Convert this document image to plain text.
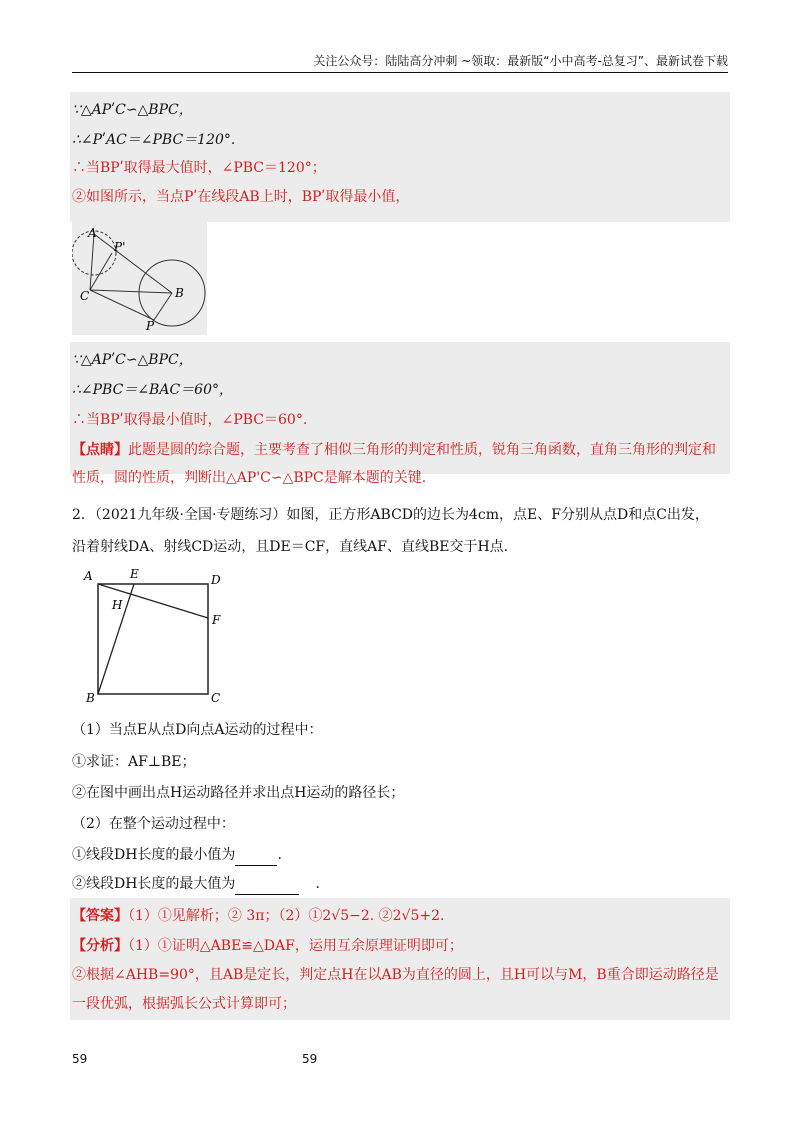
关注公众号：陆陆高分冲刺 ~领取：最新版“小中高考-总复习”、最新试卷下载
∵△APʹC∽△BPC，
∴∠PʹAC＝∠PBC＝120°.
∴当BPʹ取得最大值时，∠PBC＝120°；
②如图所示，当点Pʹ在线段AB上时，BPʹ取得最小值，
A
P'
C	B
P
∵△APʹC∽△BPC，
∴∠PBC＝∠BAC＝60°，
∴当BPʹ取得最小值时，∠PBC＝60°.
【点睛】此题是圆的综合题，主要考查了相似三角形的判定和性质，锐角三角函数，直角三角形的判定和
性质，圆的性质，判断出△AP'C∽△BPC是解本题的关键.
2．（2021九年级·全国·专题练习）如图，正方形ABCD的边长为4cm，点E、F分别从点D和点C出发，
沿着射线DA、射线CD运动，且DE＝CF，直线AF、直线BE交于H点.
A	E	D
H
F
B	C
（1）当点E从点D向点A运动的过程中：
①求证：AF⊥BE；
②在图中画出点H运动路径并求出点H运动的路径长；
（2）在整个运动过程中：
①线段DH长度的最小值为	.
②线段DH长度的最大值为	.
【答案】（1）①见解析；② 3π；（2）①2√5−2. ②2√5+2.
【分析】（1）①证明△ABE≌△DAF，运用互余原理证明即可；
②根据∠AHB=90°，且AB是定长，判定点H在以AB为直径的圆上，且H可以与M，B重合即运动路径是
一段优弧，根据弧长公式计算即可；
59	59
